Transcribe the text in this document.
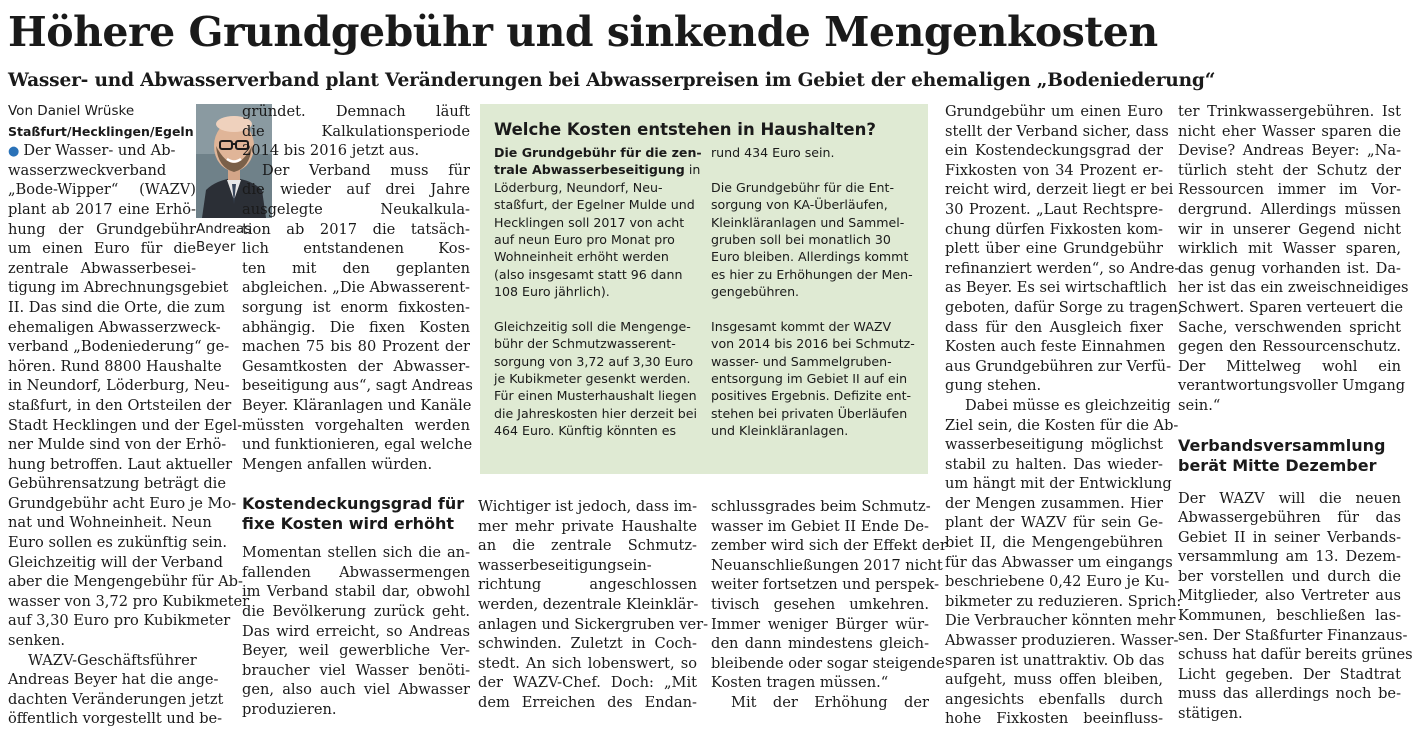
Höhere Grundgebühr und sinkende Mengenkosten
Wasser- und Abwasserverband plant Veränderungen bei Abwasserpreisen im Gebiet der ehemaligen „Bodeniederung“
Von Daniel Wrüske
Staßfurt/Hecklingen/Egeln
● Der Wasser- und Ab-
wasserzweckverband
„Bode-Wipper“ (WAZV)
plant ab 2017 eine Erhö-
hung der Grundgebühr
um einen Euro für die
zentrale Abwasserbesei-
tigung im Abrechnungsgebiet
II. Das sind die Orte, die zum
ehemaligen Abwasserzweck-
verband „Bodeniederung“ ge-
hören. Rund 8800 Haushalte
in Neundorf, Löderburg, Neu-
staßfurt, in den Ortsteilen der
Stadt Hecklingen und der Egel-
ner Mulde sind von der Erhö-
hung betroffen. Laut aktueller
Gebührensatzung beträgt die
Grundgebühr acht Euro je Mo-
nat und Wohneinheit. Neun
Euro sollen es zukünftig sein.
Gleichzeitig will der Verband
aber die Mengengebühr für Ab-
wasser von 3,72 pro Kubikmeter
auf 3,30 Euro pro Kubikmeter
senken.
WAZV-Geschäftsführer
Andreas Beyer hat die ange-
dachten Veränderungen jetzt
öffentlich vorgestellt und be-
Andreas
Beyer
gründet. Demnach läuft
die Kalkulationsperiode
2014 bis 2016 jetzt aus.
Der Verband muss für
die wieder auf drei Jahre
ausgelegte Neukalkula-
tion ab 2017 die tatsäch-
lich entstandenen Kos-
ten mit den geplanten
abgleichen. „Die Abwasserent-
sorgung ist enorm fixkosten-
abhängig. Die fixen Kosten
machen 75 bis 80 Prozent der
Gesamtkosten der Abwasser-
beseitigung aus“, sagt Andreas
Beyer. Kläranlagen und Kanäle
müssten vorgehalten werden
und funktionieren, egal welche
Mengen anfallen würden.
Kostendeckungsgrad für
fixe Kosten wird erhöht
Momentan stellen sich die an-
fallenden Abwassermengen
im Verband stabil dar, obwohl
die Bevölkerung zurück geht.
Das wird erreicht, so Andreas
Beyer, weil gewerbliche Ver-
braucher viel Wasser benöti-
gen, also auch viel Abwasser
produzieren.
Welche Kosten entstehen in Haushalten?
Die Grundgebühr für die zen-
trale Abwasserbeseitigung in
Löderburg, Neundorf, Neu-
staßfurt, der Egelner Mulde und
Hecklingen soll 2017 von acht
auf neun Euro pro Monat pro
Wohneinheit erhöht werden
(also insgesamt statt 96 dann
108 Euro jährlich).
Gleichzeitig soll die Mengenge-
bühr der Schmutzwasserent-
sorgung von 3,72 auf 3,30 Euro
je Kubikmeter gesenkt werden.
Für einen Musterhaushalt liegen
die Jahreskosten hier derzeit bei
464 Euro. Künftig könnten es
rund 434 Euro sein.
Die Grundgebühr für die Ent-
sorgung von KA-Überläufen,
Kleinkläranlagen und Sammel-
gruben soll bei monatlich 30
Euro bleiben. Allerdings kommt
es hier zu Erhöhungen der Men-
gengebühren.
Insgesamt kommt der WAZV
von 2014 bis 2016 bei Schmutz-
wasser- und Sammelgruben-
entsorgung im Gebiet II auf ein
positives Ergebnis. Defizite ent-
stehen bei privaten Überläufen
und Kleinkläranlagen.
Wichtiger ist jedoch, dass im-
mer mehr private Haushalte
an die zentrale Schmutz-
wasserbeseitigungsein-
richtung angeschlossen
werden, dezentrale Kleinklär-
anlagen und Sickergruben ver-
schwinden. Zuletzt in Coch-
stedt. An sich lobenswert, so
der WAZV-Chef. Doch: „Mit
dem Erreichen des Endan-
schlussgrades beim Schmutz-
wasser im Gebiet II Ende De-
zember wird sich der Effekt der
Neuanschließungen 2017 nicht
weiter fortsetzen und perspek-
tivisch gesehen umkehren.
Immer weniger Bürger wür-
den dann mindestens gleich-
bleibende oder sogar steigende
Kosten tragen müssen.“
Mit der Erhöhung der
Grundgebühr um einen Euro
stellt der Verband sicher, dass
ein Kostendeckungsgrad der
Fixkosten von 34 Prozent er-
reicht wird, derzeit liegt er bei
30 Prozent. „Laut Rechtspre-
chung dürfen Fixkosten kom-
plett über eine Grundgebühr
refinanziert werden“, so Andre-
as Beyer. Es sei wirtschaftlich
geboten, dafür Sorge zu tragen,
dass für den Ausgleich fixer
Kosten auch feste Einnahmen
aus Grundgebühren zur Verfü-
gung stehen.
Dabei müsse es gleichzeitig
Ziel sein, die Kosten für die Ab-
wasserbeseitigung möglichst
stabil zu halten. Das wieder-
um hängt mit der Entwicklung
der Mengen zusammen. Hier
plant der WAZV für sein Ge-
biet II, die Mengengebühren
für das Abwasser um eingangs
beschriebene 0,42 Euro je Ku-
bikmeter zu reduzieren. Sprich:
Die Verbraucher könnten mehr
Abwasser produzieren. Wasser-
sparen ist unattraktiv. Ob das
aufgeht, muss offen bleiben,
angesichts ebenfalls durch
hohe Fixkosten beeinfluss-
ter Trinkwassergebühren. Ist
nicht eher Wasser sparen die
Devise? Andreas Beyer: „Na-
türlich steht der Schutz der
Ressourcen immer im Vor-
dergrund. Allerdings müssen
wir in unserer Gegend nicht
wirklich mit Wasser sparen,
das genug vorhanden ist. Da-
her ist das ein zweischneidiges
Schwert. Sparen verteuert die
Sache, verschwenden spricht
gegen den Ressourcenschutz.
Der Mittelweg wohl ein
verantwortungsvoller Umgang
sein.“
Verbandsversammlung
berät Mitte Dezember
Der WAZV will die neuen
Abwassergebühren für das
Gebiet II in seiner Verbands-
versammlung am 13. Dezem-
ber vorstellen und durch die
Mitglieder, also Vertreter aus
Kommunen, beschließen las-
sen. Der Staßfurter Finanzaus-
schuss hat dafür bereits grünes
Licht gegeben. Der Stadtrat
muss das allerdings noch be-
stätigen.
